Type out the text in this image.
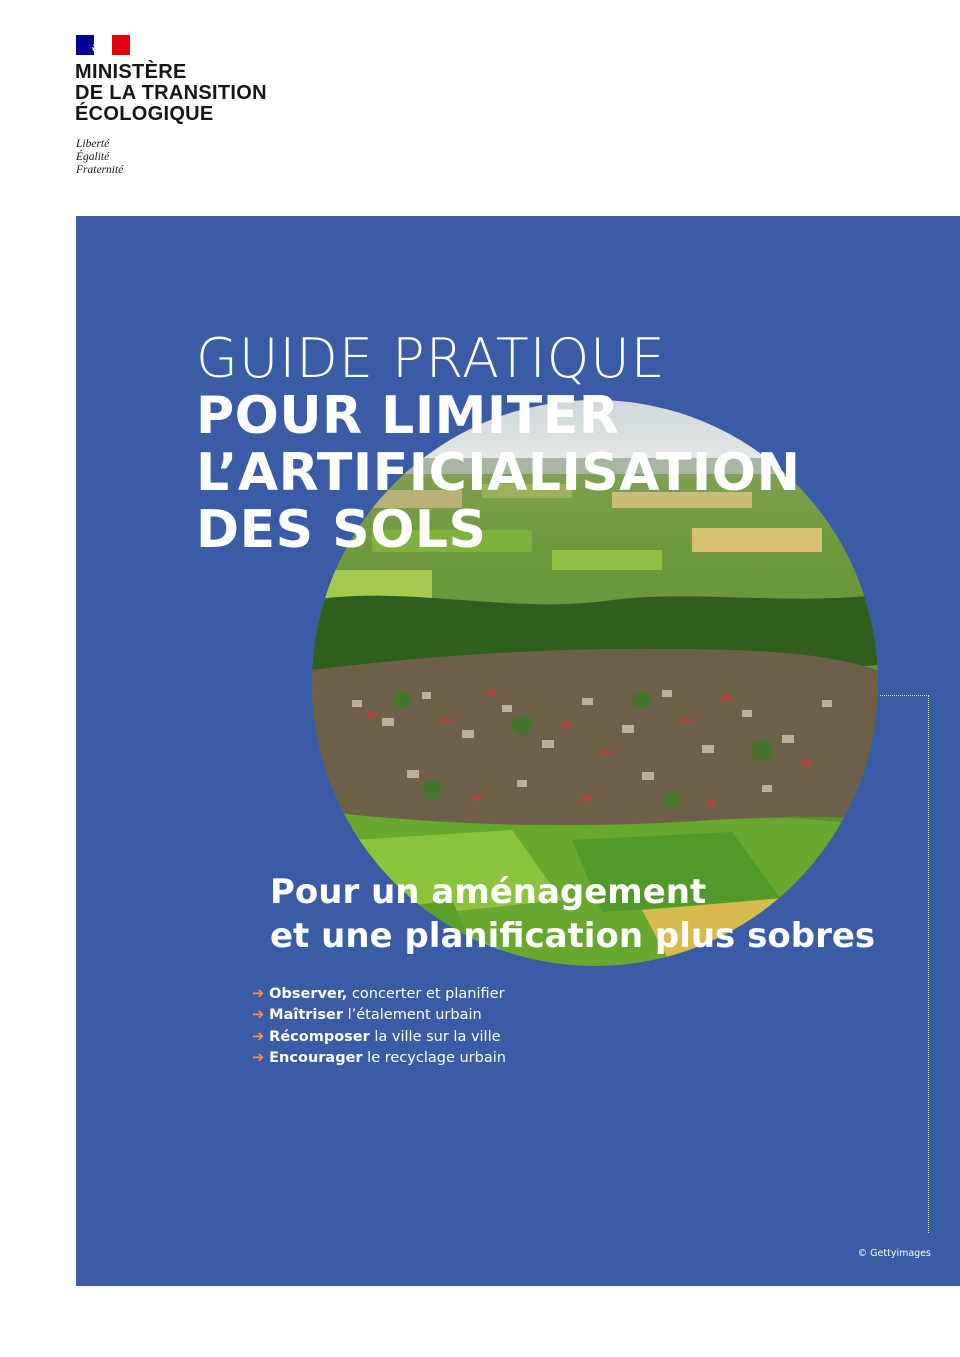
MINISTÈRE
DE LA TRANSITION
ÉCOLOGIQUE
Liberté
Égalité
Fraternité
GUIDE PRATIQUE
POUR LIMITER
L’ARTIFICIALISATION
DES SOLS
Pour un aménagement
et une planification plus sobres
➔ Observer, concerter et planifier
➔ Maîtriser l’étalement urbain
➔ Récomposer la ville sur la ville
➔ Encourager le recyclage urbain
© Gettyimages
